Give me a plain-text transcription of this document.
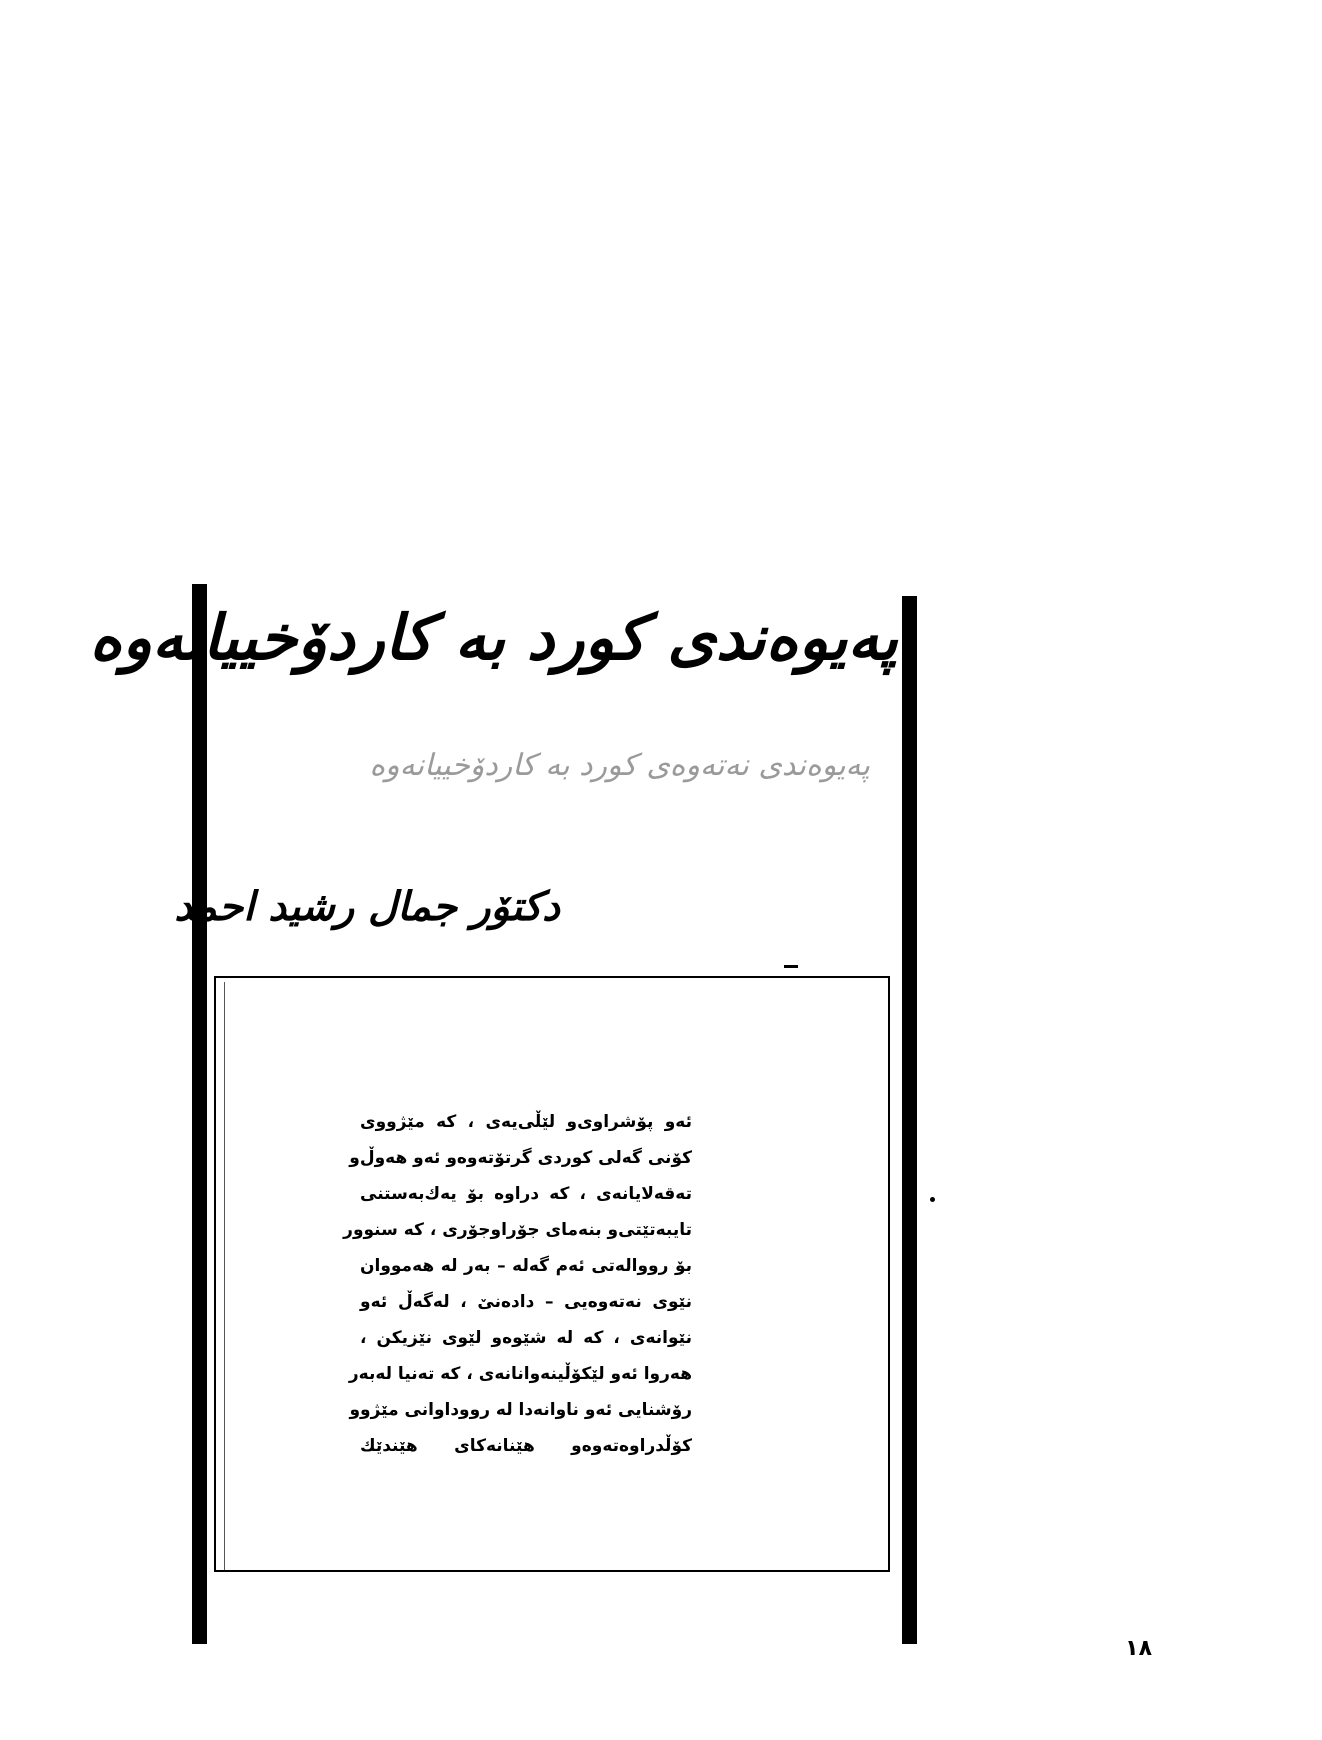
پەیوەندی کورد بە کاردۆخییانەوە
پەیوەندی نەتەوەی کورد بە کاردۆخییانەوە
دکتۆر جمال رشید احمد
ئەو پۆشراوی‌و لێڵی‌یەی ، کە مێژووی
کۆنی گەلی کوردی گرتۆتەوەو ئەو هەوڵ‌و
تەقەلایانەی ، کە دراوە بۆ یەك‌بەستنی
تایبەتێتی‌و بنەمای جۆراوجۆری ، کە سنوور
بۆ رووالەتی ئەم گەلە – بەر لە هەمووان
نێوی نەتەوەیی – دادەنێ ، لەگەڵ ئەو
نێوانەی ، کە لە شێوەو لێوی نێزیکن ،
هەروا ئەو لێکۆڵینەوانانەی ، کە تەنیا لەبەر
رۆشنایی ئەو ناوانەدا لە رووداوانی مێژوو
کۆڵدراوەتەوەو هێنانەکای هێندێك
١٨
